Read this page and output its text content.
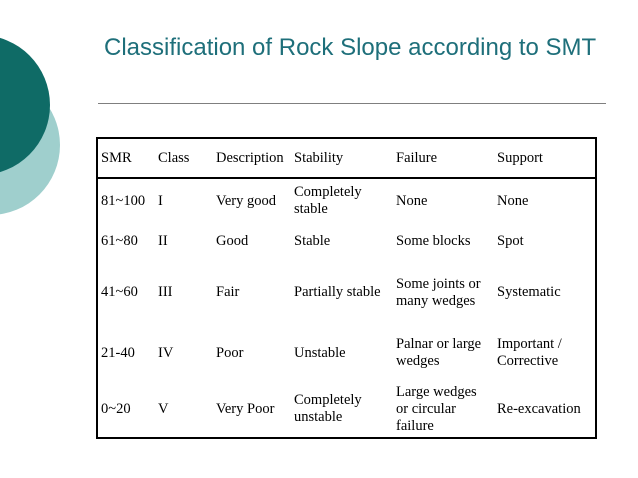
Classification of Rock Slope according to SMT
SMR	Class	Description	Stability	Failure	Support
81~100	I	Very good	Completely stable	None	None
61~80	II	Good	Stable	Some blocks	Spot
41~60	III	Fair	Partially stable	Some joints or many wedges	Systematic
21-40	IV	Poor	Unstable	Palnar or large wedges	Important / Corrective
0~20	V	Very Poor	Completely unstable	Large wedges or circular failure	Re-excavation
